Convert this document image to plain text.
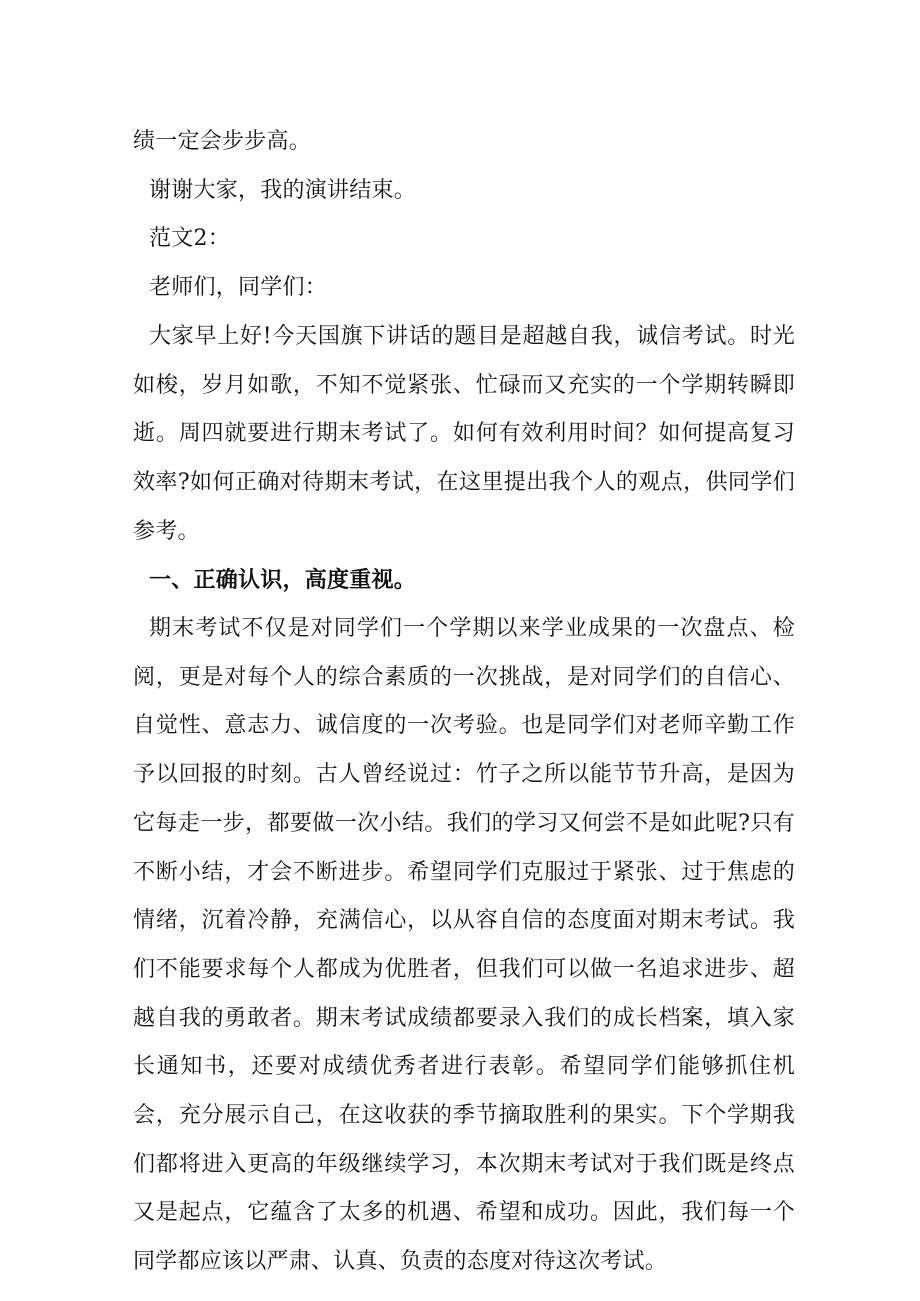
绩一定会步步高。

谢谢大家，我的演讲结束。

范文2：

老师们，同学们：

大家早上好!今天国旗下讲话的题目是超越自我，诚信考试。时光如梭，岁月如歌，不知不觉紧张、忙碌而又充实的一个学期转瞬即逝。周四就要进行期末考试了。如何有效利用时间？如何提高复习效率?如何正确对待期末考试，在这里提出我个人的观点，供同学们参考。

一、正确认识，高度重视。

期末考试不仅是对同学们一个学期以来学业成果的一次盘点、检阅，更是对每个人的综合素质的一次挑战，是对同学们的自信心、自觉性、意志力、诚信度的一次考验。也是同学们对老师辛勤工作予以回报的时刻。古人曾经说过：竹子之所以能节节升高，是因为它每走一步，都要做一次小结。我们的学习又何尝不是如此呢?只有不断小结，才会不断进步。希望同学们克服过于紧张、过于焦虑的情绪，沉着冷静，充满信心，以从容自信的态度面对期末考试。我们不能要求每个人都成为优胜者，但我们可以做一名追求进步、超越自我的勇敢者。期末考试成绩都要录入我们的成长档案，填入家长通知书，还要对成绩优秀者进行表彰。希望同学们能够抓住机会，充分展示自己，在这收获的季节摘取胜利的果实。下个学期我们都将进入更高的年级继续学习，本次期末考试对于我们既是终点又是起点，它蕴含了太多的机遇、希望和成功。因此，我们每一个同学都应该以严肃、认真、负责的态度对待这次考试。
